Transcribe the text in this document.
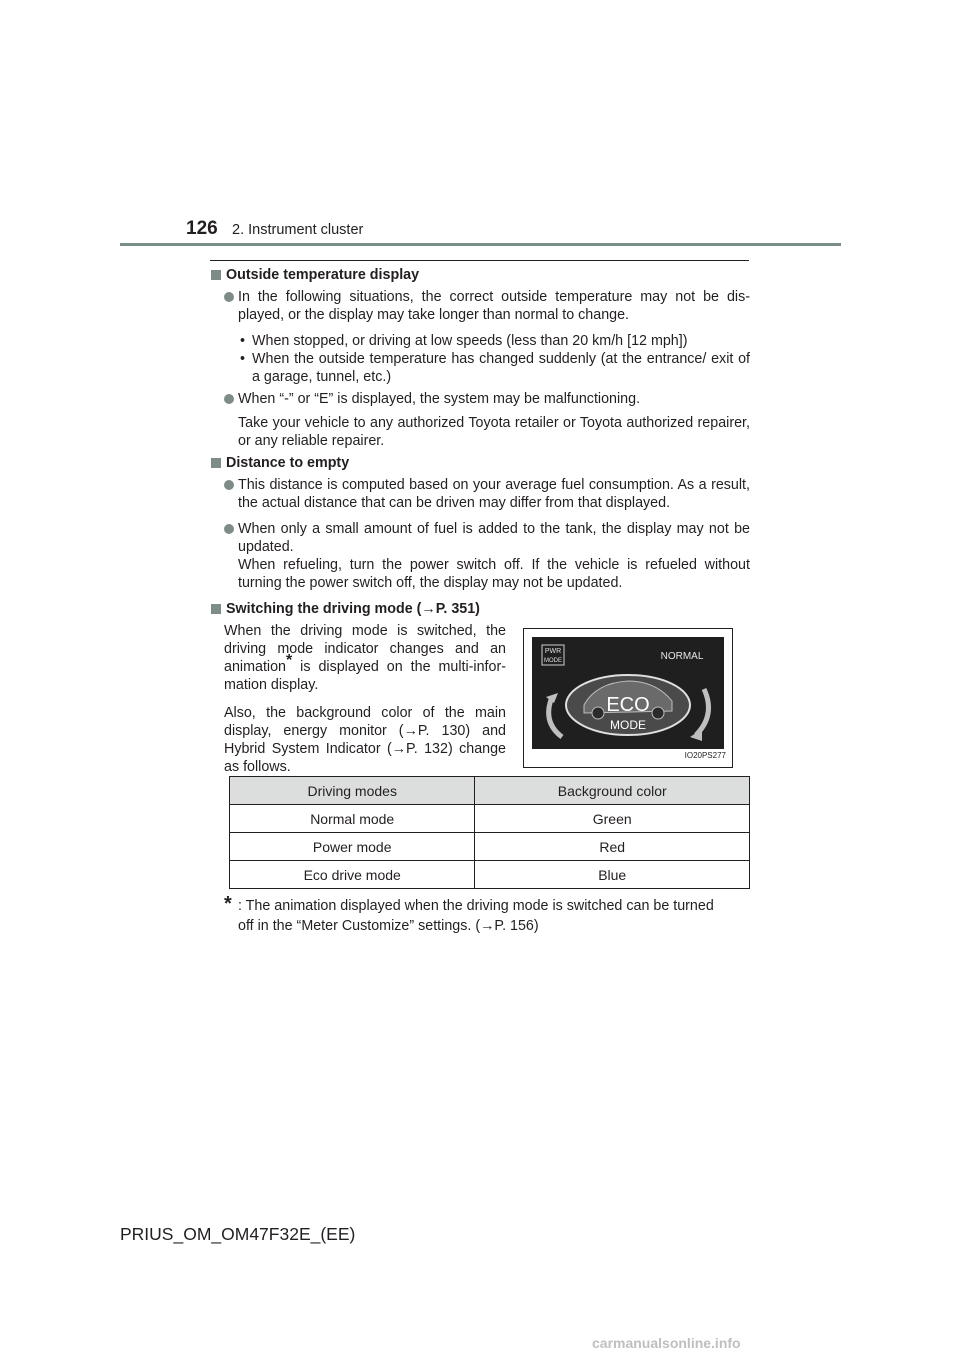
126 2. Instrument cluster
Outside temperature display
In the following situations, the correct outside temperature may not be dis-played, or the display may take longer than normal to change.
• When stopped, or driving at low speeds (less than 20 km/h [12 mph])
• When the outside temperature has changed suddenly (at the entrance/ exit of a garage, tunnel, etc.)
When “-” or “E” is displayed, the system may be malfunctioning.
Take your vehicle to any authorized Toyota retailer or Toyota authorized repairer, or any reliable repairer.
Distance to empty
This distance is computed based on your average fuel consumption. As a result, the actual distance that can be driven may differ from that displayed.
When only a small amount of fuel is added to the tank, the display may not be updated.
When refueling, turn the power switch off. If the vehicle is refueled without turning the power switch off, the display may not be updated.
Switching the driving mode (→P. 351)

When the driving mode is switched, the driving mode indicator changes and an animation* is displayed on the multi-infor-mation display.

Also, the background color of the main display, energy monitor (→P. 130) and Hybrid System Indicator (→P. 132) change as follows.

PWR
MODE	NORMAL
ECO
MODE
IO20PS277
Driving modes	Background color
Normal mode	Green
Power mode	Red
Eco drive mode	Blue
* : The animation displayed when the driving mode is switched can be turned
off in the “Meter Customize” settings. (→P. 156)
PRIUS_OM_OM47F32E_(EE)
carmanualsonline.info
